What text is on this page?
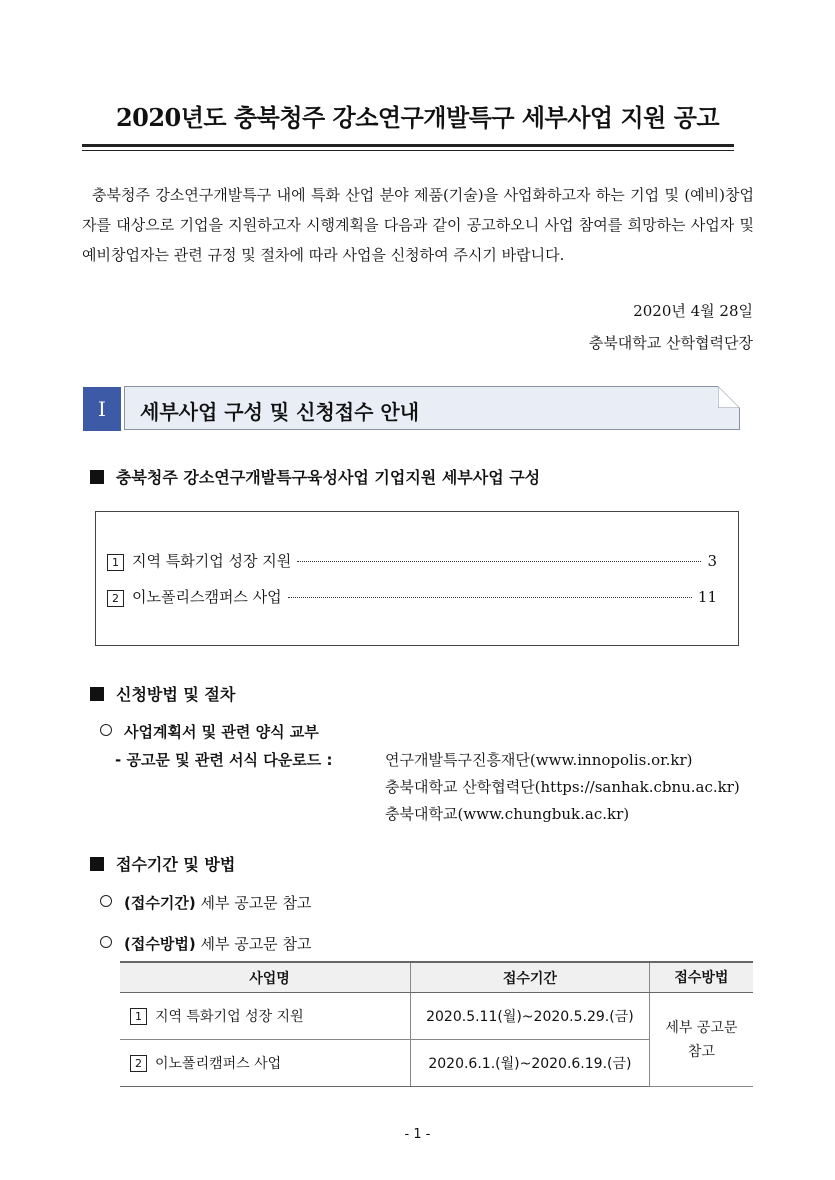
2020년도 충북청주 강소연구개발특구 세부사업 지원 공고
충북청주 강소연구개발특구 내에 특화 산업 분야 제품(기술)을 사업화하고자 하는 기업 및 (예비)창업자를 대상으로 기업을 지원하고자 시행계획을 다음과 같이 공고하오니 사업 참여를 희망하는 사업자 및 예비창업자는 관련 규정 및 절차에 따라 사업을 신청하여 주시기 바랍니다.
2020년 4월 28일
충북대학교 산학협력단장
Ⅰ	세부사업 구성 및 신청접수 안내
충북청주 강소연구개발특구육성사업 기업지원 세부사업 구성
1 지역 특화기업 성장 지원	3
2 이노폴리스캠퍼스 사업	11
신청방법 및 절차
사업계획서 및 관련 양식 교부
- 공고문 및 관련 서식 다운로드 :	연구개발특구진흥재단(www.innopolis.or.kr)
충북대학교 산학협력단(https://sanhak.cbnu.ac.kr)
충북대학교(www.chungbuk.ac.kr)
접수기간 및 방법
(접수기간) 세부 공고문 참고
(접수방법) 세부 공고문 참고
사업명	접수기간	접수방법
1 지역 특화기업 성장 지원	2020.5.11(월)~2020.5.29.(금)	세부 공고문
참고

2 이노폴리캠퍼스 사업	2020.6.1.(월)~2020.6.19.(금)	
- 1 -
